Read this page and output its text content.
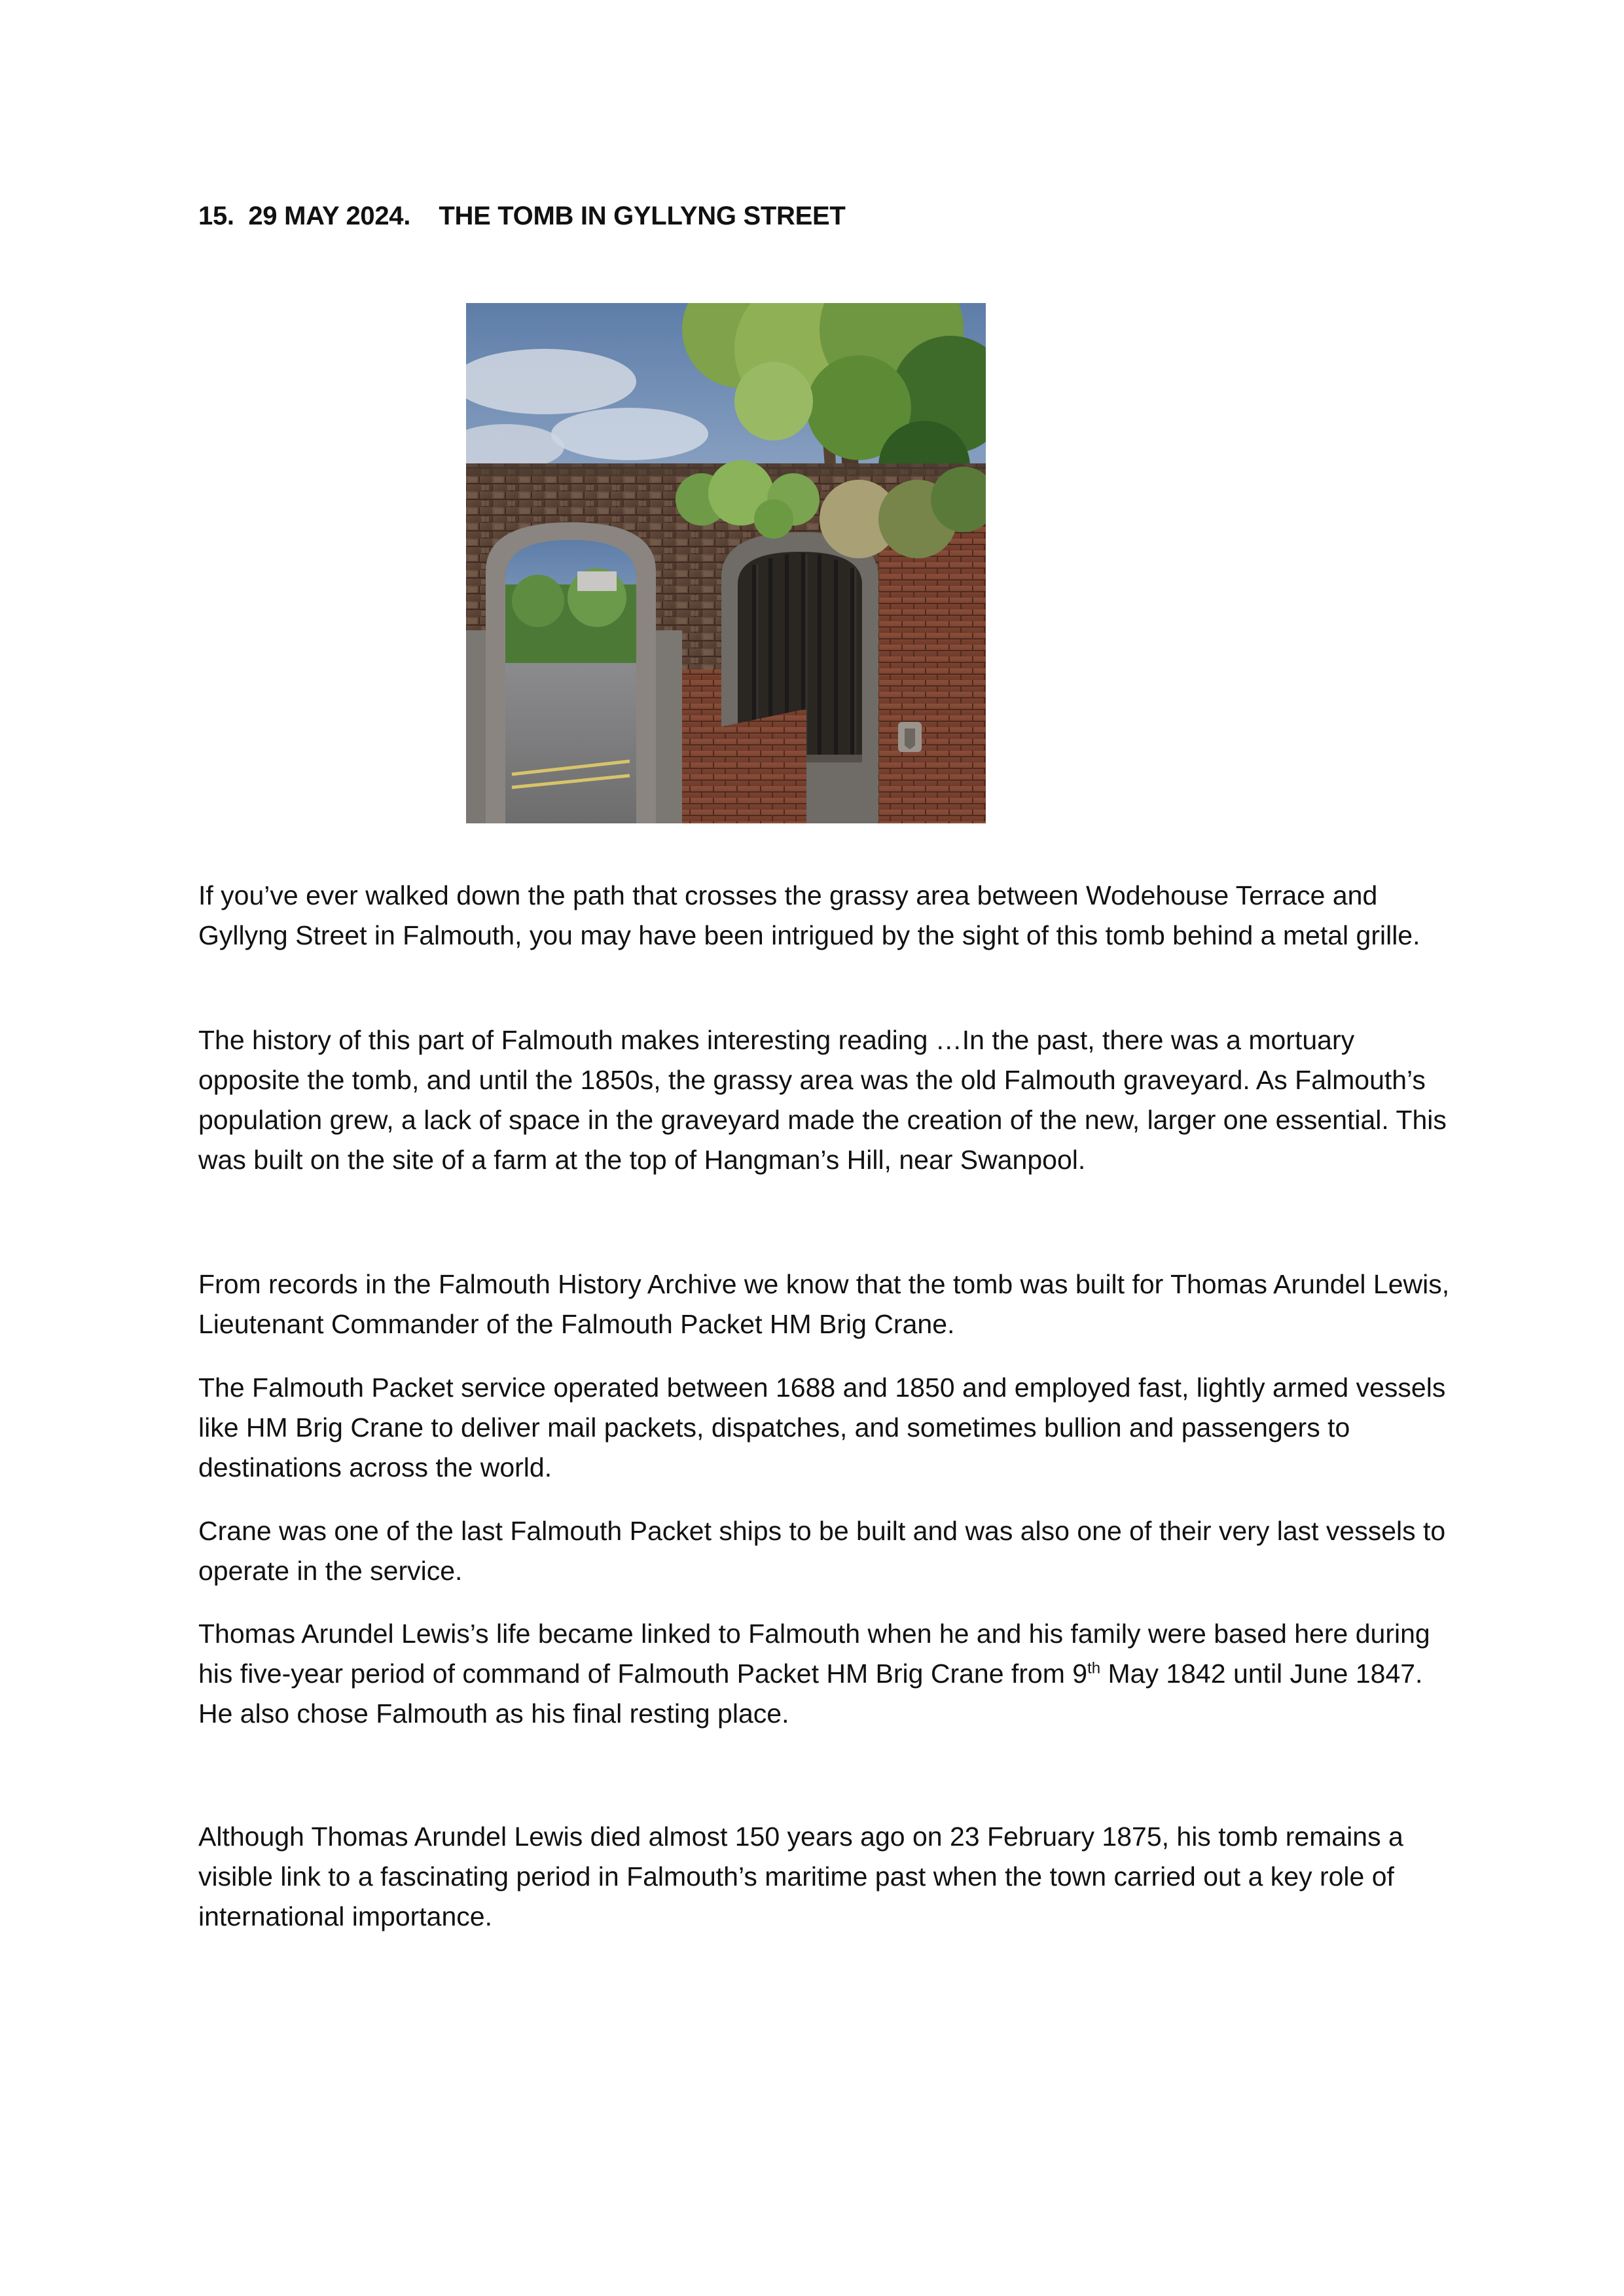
15. 29 MAY 2024. THE TOMB IN GYLLYNG STREET

If you’ve ever walked down the path that crosses the grassy area between Wodehouse Terrace and Gyllyng Street in Falmouth, you may have been intrigued by the sight of this tomb behind a metal grille.

The history of this part of Falmouth makes interesting reading …In the past, there was a mortuary opposite the tomb, and until the 1850s, the grassy area was the old Falmouth graveyard. As Falmouth’s population grew, a lack of space in the graveyard made the creation of the new, larger one essential. This was built on the site of a farm at the top of Hangman’s Hill, near Swanpool.

From records in the Falmouth History Archive we know that the tomb was built for Thomas Arundel Lewis, Lieutenant Commander of the Falmouth Packet HM Brig Crane.

The Falmouth Packet service operated between 1688 and 1850 and employed fast, lightly armed vessels like HM Brig Crane to deliver mail packets, dispatches, and sometimes bullion and passengers to destinations across the world.

Crane was one of the last Falmouth Packet ships to be built and was also one of their very last vessels to operate in the service.

Thomas Arundel Lewis’s life became linked to Falmouth when he and his family were based here during his five-year period of command of Falmouth Packet HM Brig Crane from 9th May 1842 until June 1847. He also chose Falmouth as his final resting place.

Although Thomas Arundel Lewis died almost 150 years ago on 23 February 1875, his tomb remains a visible link to a fascinating period in Falmouth’s maritime past when the town carried out a key role of international importance.
